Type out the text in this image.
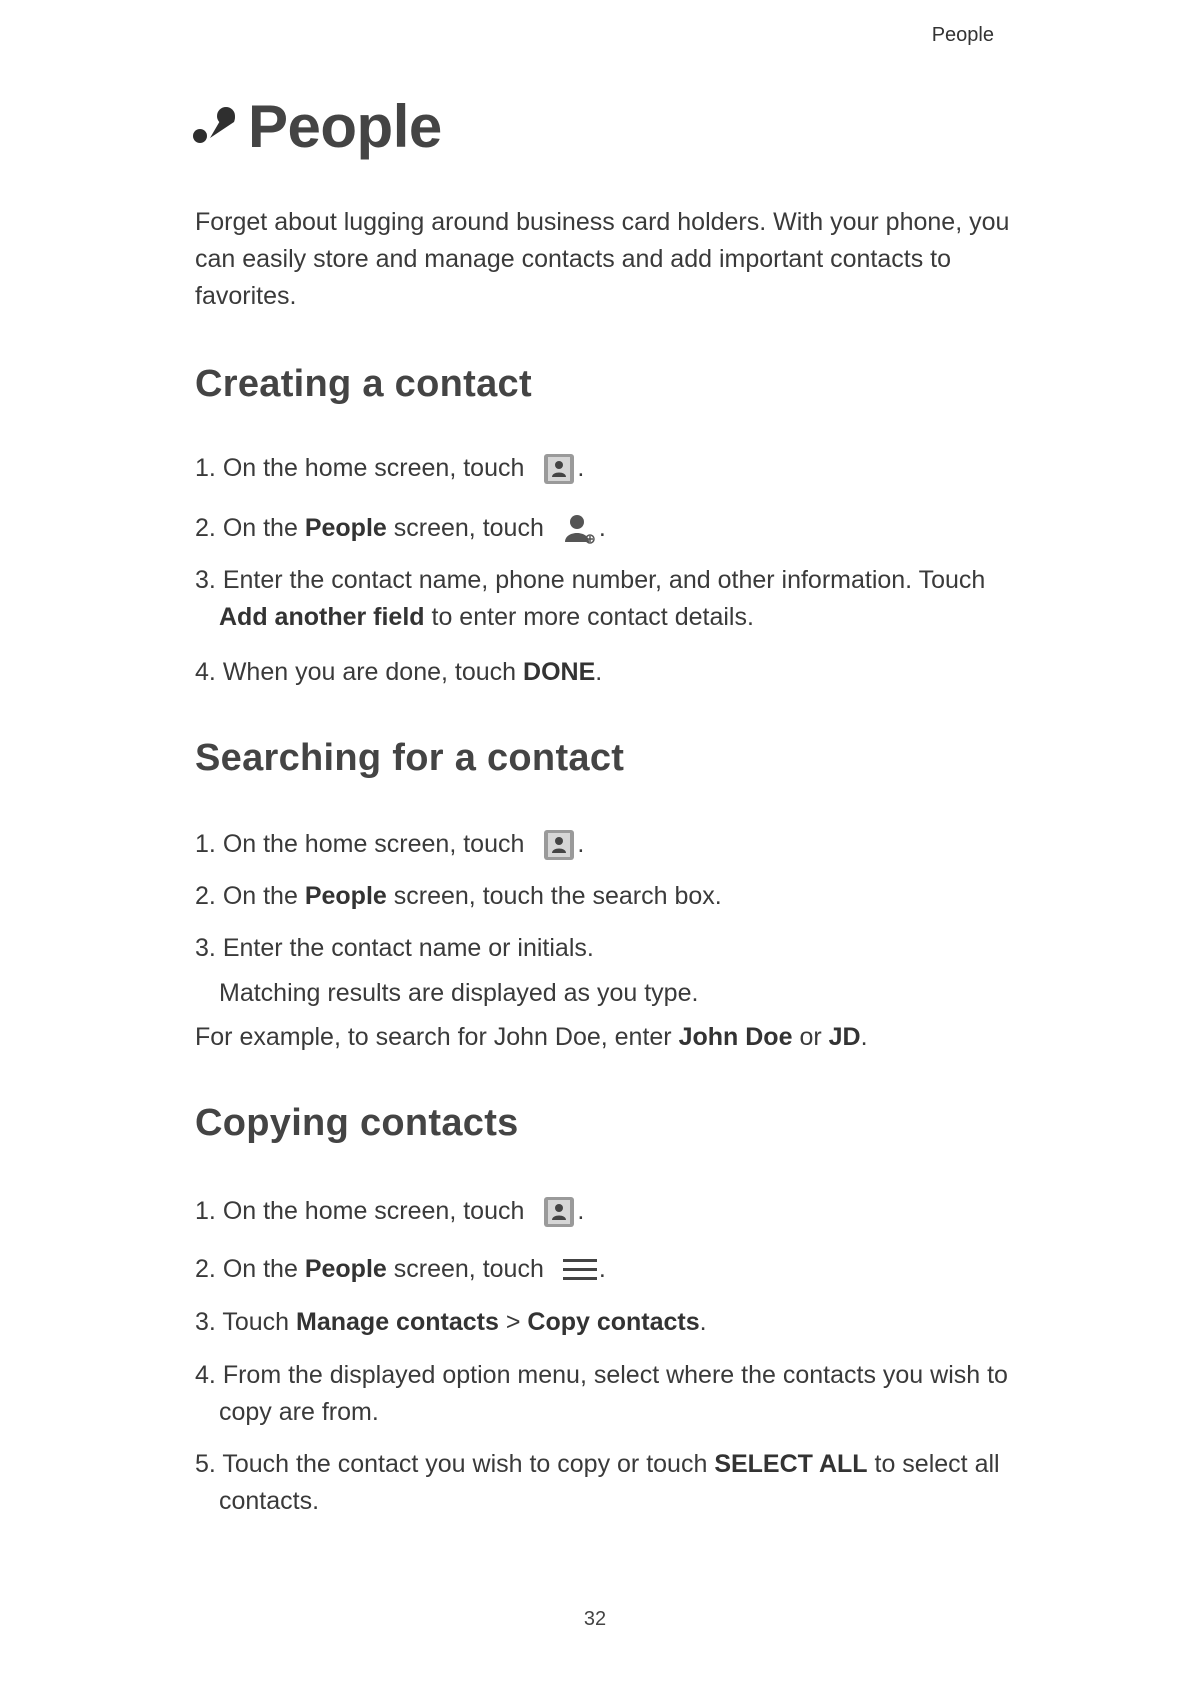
People
People
Forget about lugging around business card holders. With your phone, you can easily store and manage contacts and add important contacts to favorites.
Creating a contact
1. On the home screen, touch .
2. On the People screen, touch .
3. Enter the contact name, phone number, and other information. Touch
Add another field to enter more contact details.
4. When you are done, touch DONE.
Searching for a contact
1. On the home screen, touch .
2. On the People screen, touch the search box.
3. Enter the contact name or initials.
Matching results are displayed as you type.
For example, to search for John Doe, enter John Doe or JD.
Copying contacts
1. On the home screen, touch .
2. On the People screen, touch .
3. Touch Manage contacts > Copy contacts.
4. From the displayed option menu, select where the contacts you wish to
copy are from.
5. Touch the contact you wish to copy or touch SELECT ALL to select all
contacts.
32
